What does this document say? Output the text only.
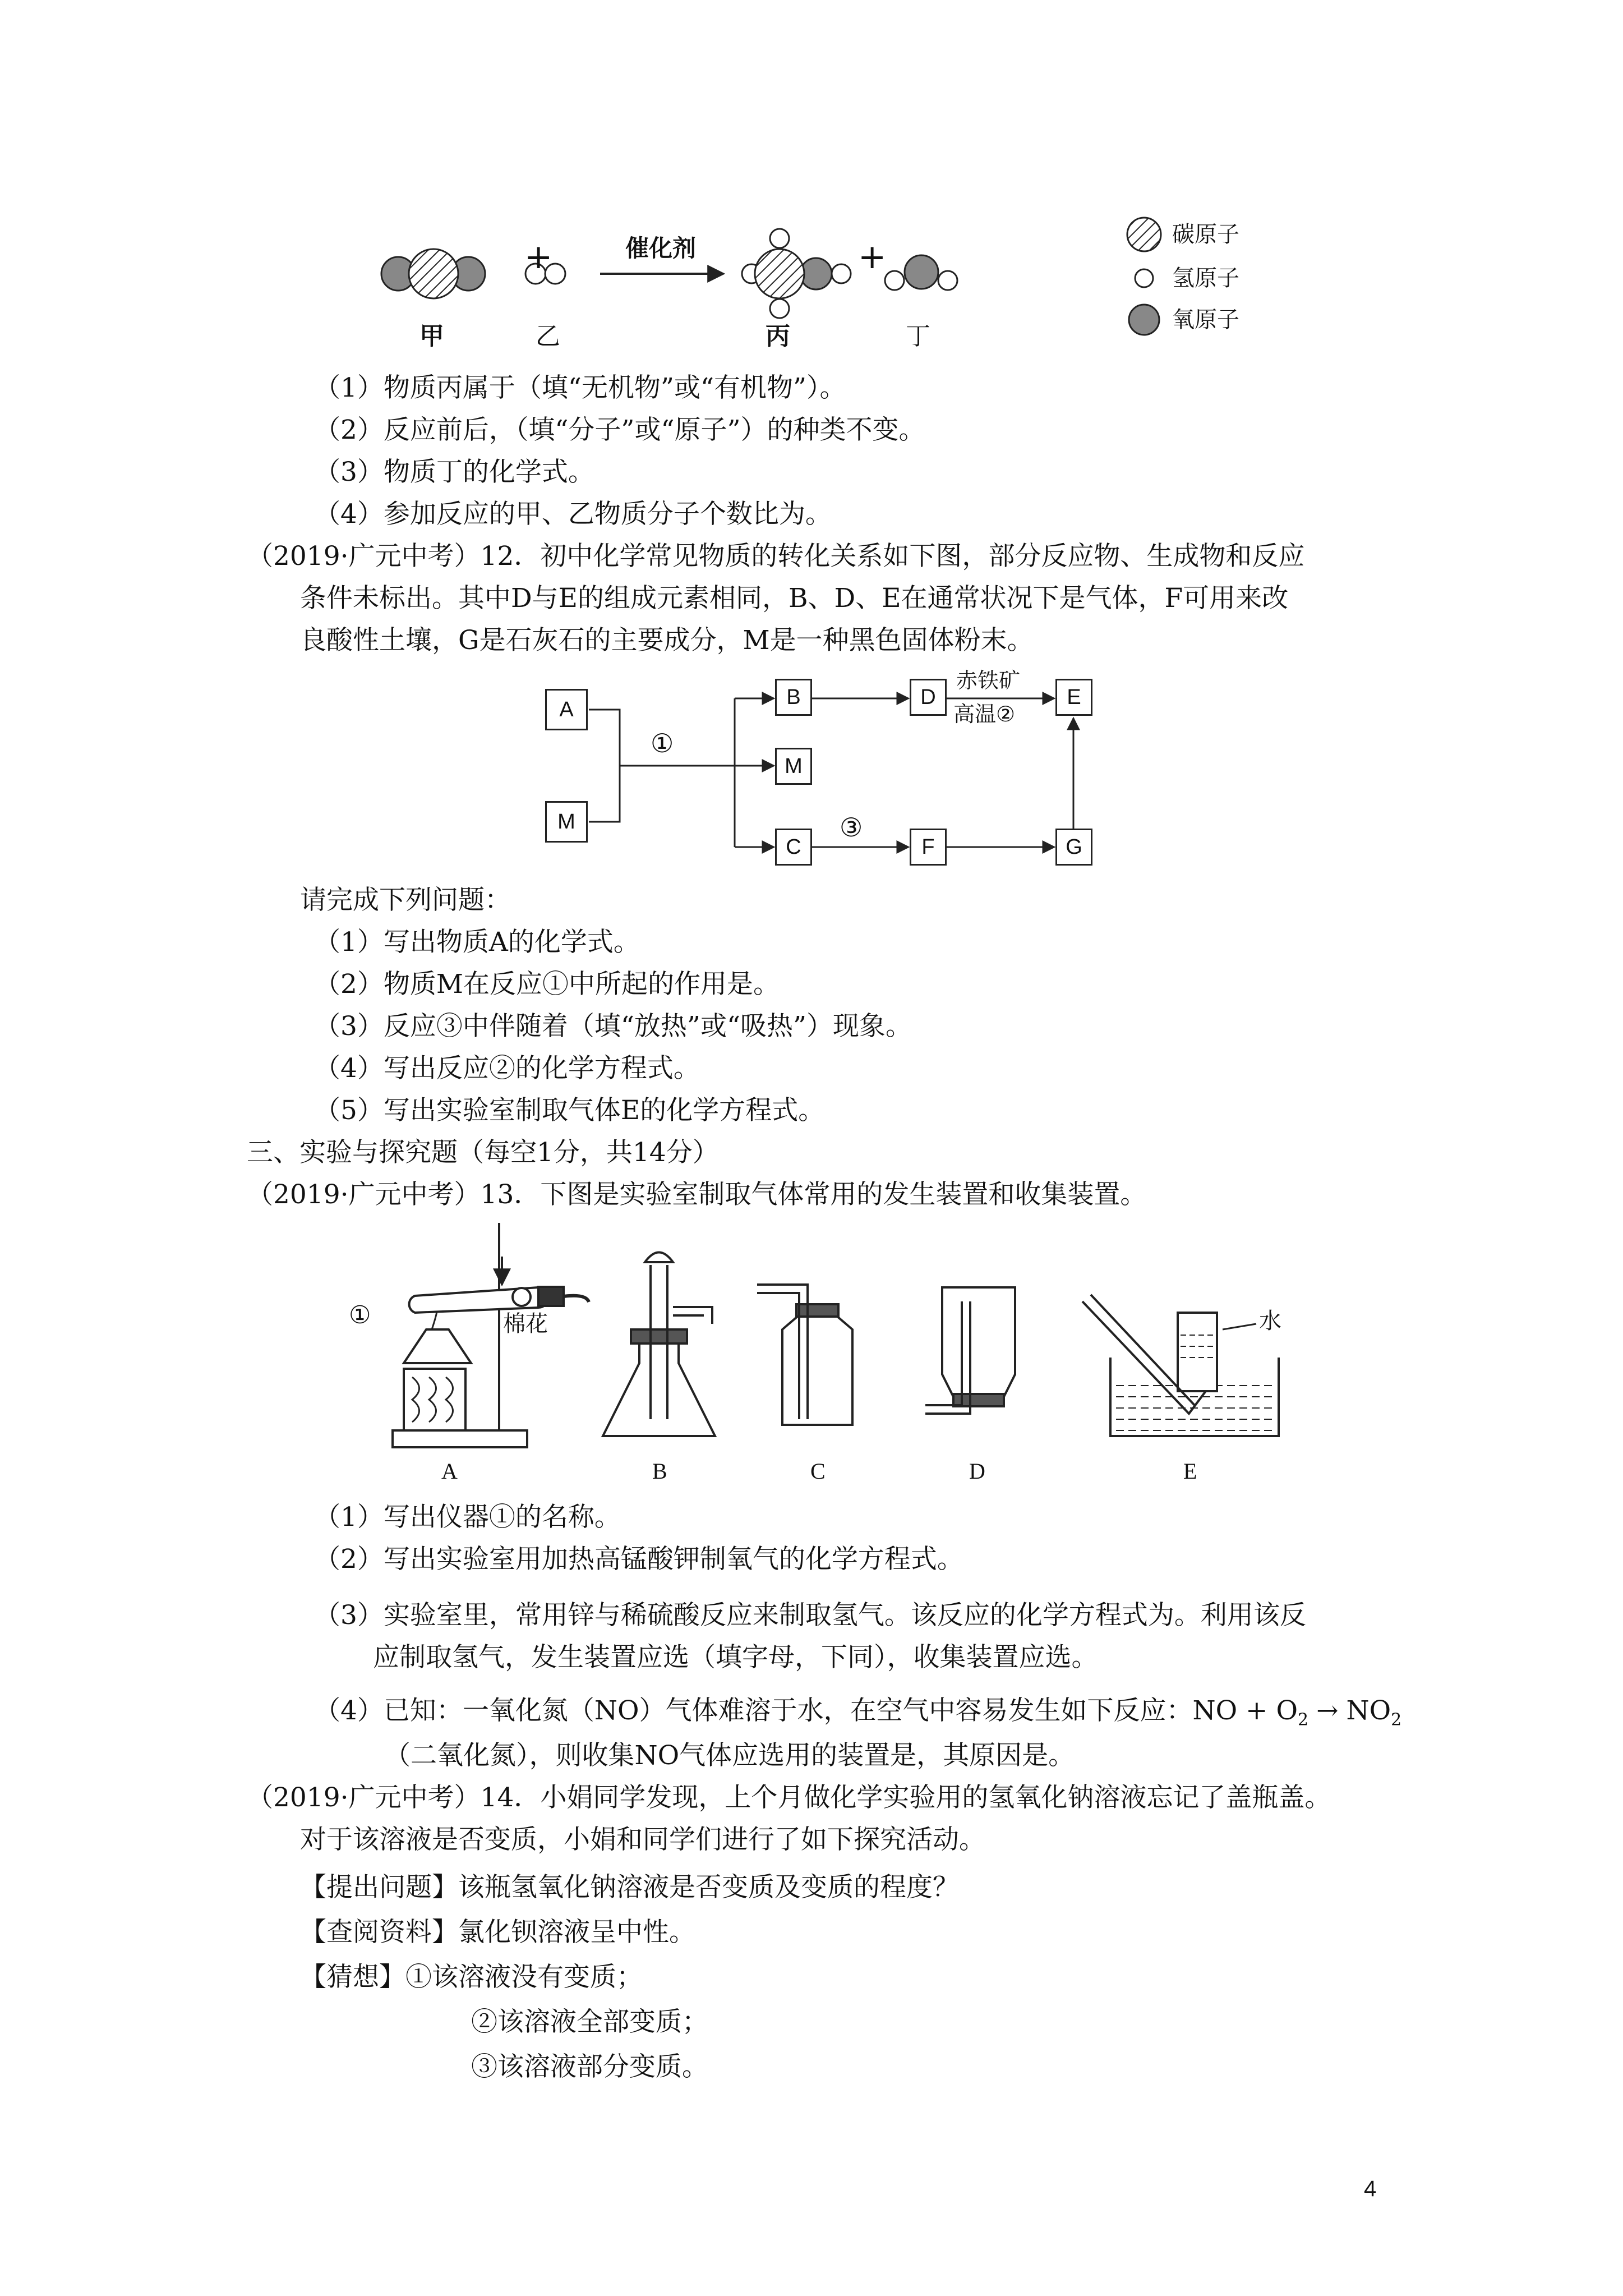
+	+
催化剂
甲	乙	丙	丁
碳原子
氢原子
氧原子
（1）物质丙属于（填“无机物”或“有机物”）。
（2）反应前后，（填“分子”或“原子”）的种类不变。
（3）物质丁的化学式。
（4）参加反应的甲、乙物质分子个数比为。
（2019·广元中考）12．初中化学常见物质的转化关系如下图，部分反应物、生成物和反应
条件未标出。其中D与E的组成元素相同，B、D、E在通常状况下是气体，F可用来改
良酸性土壤，G是石灰石的主要成分，M是一种黑色固体粉末。
A
M
B
M
C
D	E
F	G
①
③
赤铁矿
高温②
请完成下列问题：
（1）写出物质A的化学式。
（2）物质M在反应①中所起的作用是。
（3）反应③中伴随着（填“放热”或“吸热”）现象。
（4）写出反应②的化学方程式。
（5）写出实验室制取气体E的化学方程式。
三、实验与探究题（每空1分，共14分）
（2019·广元中考）13．下图是实验室制取气体常用的发生装置和收集装置。
①	棉花	水
A	B	C	D	E
（1）写出仪器①的名称。
（2）写出实验室用加热高锰酸钾制氧气的化学方程式。
（3）实验室里，常用锌与稀硫酸反应来制取氢气。该反应的化学方程式为。利用该反
应制取氢气，发生装置应选（填字母，下同），收集装置应选。
（4）已知：一氧化氮（NO）气体难溶于水，在空气中容易发生如下反应：NO + $O_2 \to NO_2$
（二氧化氮），则收集NO气体应选用的装置是，其原因是。
（2019·广元中考）14．小娟同学发现，上个月做化学实验用的氢氧化钠溶液忘记了盖瓶盖。
对于该溶液是否变质，小娟和同学们进行了如下探究活动。
【提出问题】该瓶氢氧化钠溶液是否变质及变质的程度？
【查阅资料】氯化钡溶液呈中性。
【猜想】①该溶液没有变质；
②该溶液全部变质；
③该溶液部分变质。
4
